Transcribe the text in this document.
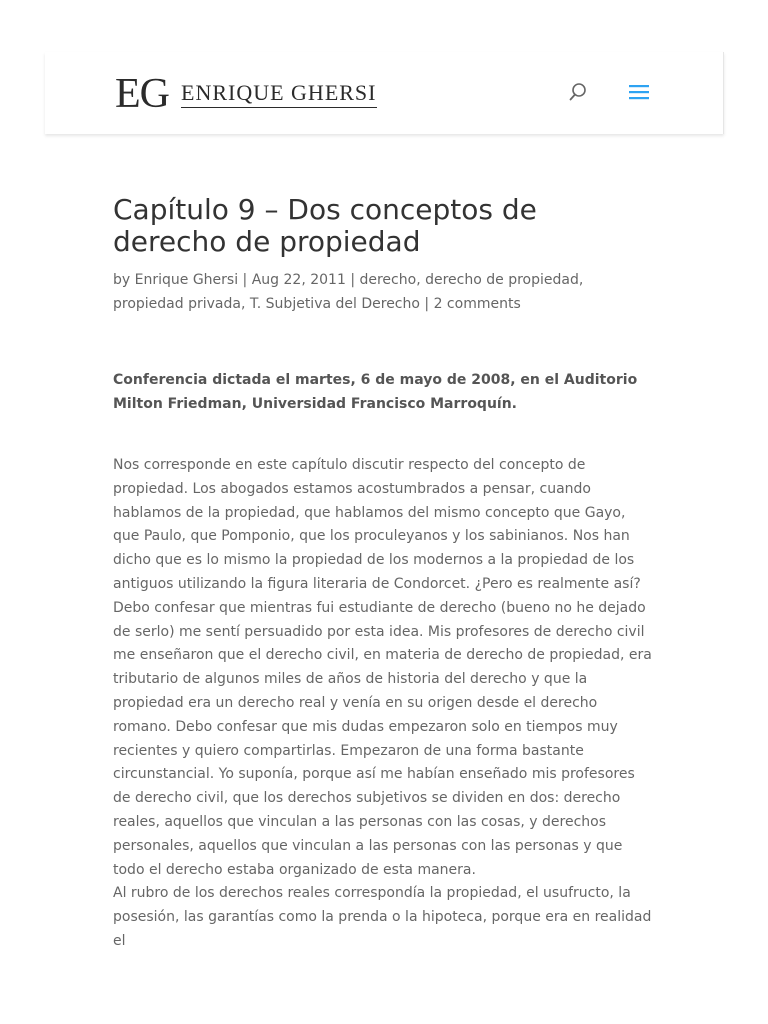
EG ENRIQUE GHERSI
Capítulo 9 – Dos conceptos de derecho de propiedad
by Enrique Ghersi | Aug 22, 2011 | derecho, derecho de propiedad, propiedad privada, T. Subjetiva del Derecho | 2 comments
Conferencia dictada el martes, 6 de mayo de 2008, en el Auditorio Milton Friedman, Universidad Francisco Marroquín.

Nos corresponde en este capítulo discutir respecto del concepto de propiedad. Los abogados estamos acostumbrados a pensar, cuando hablamos de la propiedad, que hablamos del mismo concepto que Gayo, que Paulo, que Pomponio, que los proculeyanos y los sabinianos. Nos han dicho que es lo mismo la propiedad de los modernos a la propiedad de los antiguos utilizando la figura literaria de Condorcet. ¿Pero es realmente así? Debo confesar que mientras fui estudiante de derecho (bueno no he dejado de serlo) me sentí persuadido por esta idea. Mis profesores de derecho civil me enseñaron que el derecho civil, en materia de derecho de propiedad, era tributario de algunos miles de años de historia del derecho y que la propiedad era un derecho real y venía en su origen desde el derecho romano. Debo confesar que mis dudas empezaron solo en tiempos muy recientes y quiero compartirlas. Empezaron de una forma bastante circunstancial. Yo suponía, porque así me habían enseñado mis profesores de derecho civil, que los derechos subjetivos se dividen en dos: derecho reales, aquellos que vinculan a las personas con las cosas, y derechos personales, aquellos que vinculan a las personas con las personas y que todo el derecho estaba organizado de esta manera.

Al rubro de los derechos reales correspondía la propiedad, el usufructo, la posesión, las garantías como la prenda o la hipoteca, porque era en realidad el
